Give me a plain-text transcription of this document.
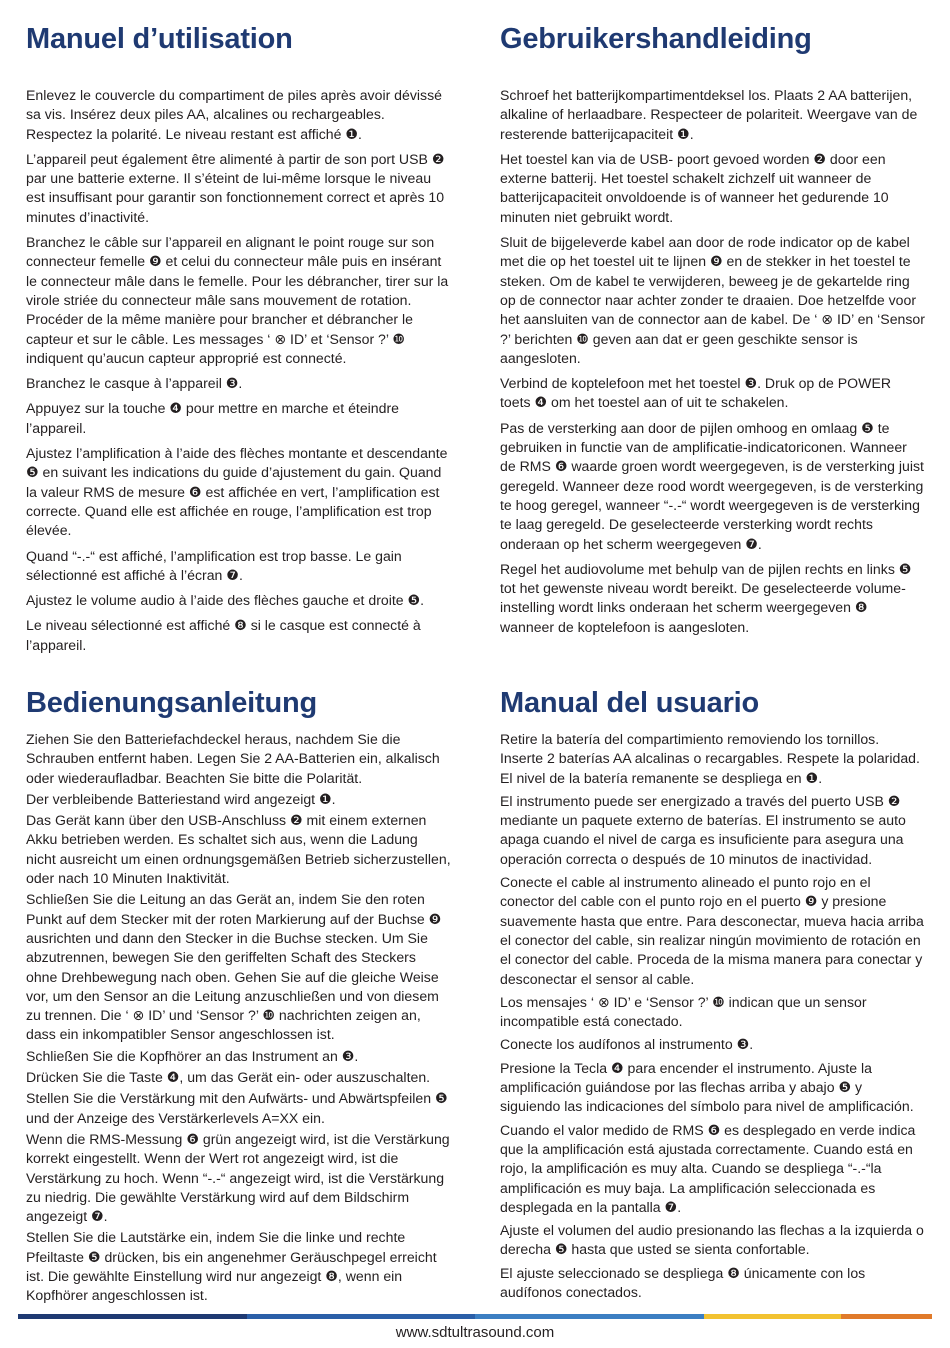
Manuel d’utilisation

Enlevez le couvercle du compartiment de piles après avoir dévissé sa vis. Insérez deux piles AA, alcalines ou rechargeables. Respectez la polarité. Le niveau restant est affiché ❶.

L’appareil peut également être alimenté à partir de son port USB ❷ par une batterie externe. Il s’éteint de lui-même lorsque le niveau est insuffisant pour garantir son fonctionnement correct et après 10 minutes d’inactivité.

Branchez le câble sur l’appareil en alignant le point rouge sur son connecteur femelle ❾ et celui du connecteur mâle puis en insérant le connecteur mâle dans le femelle. Pour les débrancher, tirer sur la virole striée du connecteur mâle sans mouvement de rotation. Procéder de la même manière pour brancher et débrancher le capteur et sur le câble. Les messages ‘ ⊗ ID’ et ‘Sensor ?’ ❿ indiquent qu’aucun capteur approprié est connecté.

Branchez le casque à l’appareil ❸.

Appuyez sur la touche ❹ pour mettre en marche et éteindre l’appareil.

Ajustez l’amplification à l’aide des flèches montante et descendante ❺ en suivant les indications du guide d’ajustement du gain. Quand la valeur RMS de mesure ❻ est affichée en vert, l’amplification est correcte. Quand elle est affichée en rouge, l’amplification est trop élevée.

Quand “-.-“ est affiché, l’amplification est trop basse. Le gain sélectionné est affiché à l’écran ❼.

Ajustez le volume audio à l’aide des flèches gauche et droite ❺.

Le niveau sélectionné est affiché ❽ si le casque est connecté à l’appareil.

Gebruikershandleiding

Schroef het batterijkompartimentdeksel los. Plaats 2 AA batterijen, alkaline of herlaadbare. Respecteer de polariteit. Weergave van de resterende batterijcapaciteit ❶.

Het toestel kan via de USB- poort gevoed worden ❷ door een externe batterij. Het toestel schakelt zichzelf uit wanneer de batterijcapaciteit onvoldoende is of wanneer het gedurende 10 minuten niet gebruikt wordt.

Sluit de bijgeleverde kabel aan door de rode indicator op de kabel met die op het toestel uit te lijnen ❾ en de stekker in het toestel te steken. Om de kabel te verwijderen, beweeg je de gekartelde ring op de connector naar achter zonder te draaien. Doe hetzelfde voor het aansluiten van de connector aan de kabel. De ‘ ⊗ ID’ en ‘Sensor ?’ berichten ❿ geven aan dat er geen geschikte sensor is aangesloten.

Verbind de koptelefoon met het toestel ❸. Druk op de POWER toets ❹ om het toestel aan of uit te schakelen.

Pas de versterking aan door de pijlen omhoog en omlaag ❺ te gebruiken in functie van de amplificatie-indicatoriconen. Wanneer de RMS ❻ waarde groen wordt weergegeven, is de versterking juist geregeld. Wanneer deze rood wordt weergegeven, is de versterking te hoog geregel, wanneer “-.-“ wordt weergegeven is de versterking te laag geregeld. De geselecteerde versterking wordt rechts onderaan op het scherm weergegeven ❼.

Regel het audiovolume met behulp van de pijlen rechts en links ❺ tot het gewenste niveau wordt bereikt. De geselecteerde volume-instelling wordt links onderaan het scherm weergegeven ❽ wanneer de koptelefoon is aangesloten.

Bedienungsanleitung

Ziehen Sie den Batteriefachdeckel heraus, nachdem Sie die Schrauben entfernt haben. Legen Sie 2 AA-Batterien ein, alkalisch oder wiederaufladbar. Beachten Sie bitte die Polarität.

Der verbleibende Batteriestand wird angezeigt ❶.

Das Gerät kann über den USB-Anschluss ❷ mit einem externen Akku betrieben werden. Es schaltet sich aus, wenn die Ladung nicht ausreicht um einen ordnungsgemäßen Betrieb sicherzustellen, oder nach 10 Minuten Inaktivität.

Schließen Sie die Leitung an das Gerät an, indem Sie den roten Punkt auf dem Stecker mit der roten Markierung auf der Buchse ❾ ausrichten und dann den Stecker in die Buchse stecken. Um Sie abzutrennen, bewegen Sie den geriffelten Schaft des Steckers ohne Drehbewegung nach oben. Gehen Sie auf die gleiche Weise vor, um den Sensor an die Leitung anzuschließen und von diesem zu trennen. Die ‘ ⊗ ID’ und ‘Sensor ?’ ❿ nachrichten zeigen an, dass ein inkompatibler Sensor angeschlossen ist.

Schließen Sie die Kopfhörer an das Instrument an ❸.

Drücken Sie die Taste ❹, um das Gerät ein- oder auszuschalten.

Stellen Sie die Verstärkung mit den Aufwärts- und Abwärtspfeilen ❺ und der Anzeige des Verstärkerlevels A=XX ein.

Wenn die RMS-Messung ❻ grün angezeigt wird, ist die Verstärkung korrekt eingestellt. Wenn der Wert rot angezeigt wird, ist die Verstärkung zu hoch. Wenn “-.-“ angezeigt wird, ist die Verstärkung zu niedrig. Die gewählte Verstärkung wird auf dem Bildschirm angezeigt ❼.

Stellen Sie die Lautstärke ein, indem Sie die linke und rechte Pfeiltaste ❺ drücken, bis ein angenehmer Geräuschpegel erreicht ist. Die gewählte Einstellung wird nur angezeigt ❽, wenn ein Kopfhörer angeschlossen ist.

Manual del usuario

Retire la batería del compartimiento removiendo los tornillos. Inserte 2 baterías AA alcalinas o recargables. Respete la polaridad. El nivel de la batería remanente se despliega en ❶.

El instrumento puede ser energizado a través del puerto USB ❷ mediante un paquete externo de baterías. El instrumento se auto apaga cuando el nivel de carga es insuficiente para asegura una operación correcta o después de 10 minutos de inactividad.

Conecte el cable al instrumento alineado el punto rojo en el conector del cable con el punto rojo en el puerto ❾ y presione suavemente hasta que entre. Para desconectar, mueva hacia arriba el conector del cable, sin realizar ningún movimiento de rotación en el conector del cable. Proceda de la misma manera para conectar y desconectar el sensor al cable.

Los mensajes ‘ ⊗ ID’ e ‘Sensor ?’ ❿ indican que un sensor incompatible está conectado.

Conecte los audífonos al instrumento ❸.

Presione la Tecla ❹ para encender el instrumento. Ajuste la amplificación guiándose por las flechas arriba y abajo ❺ y siguiendo las indicaciones del símbolo para nivel de amplificación.

Cuando el valor medido de RMS ❻ es desplegado en verde indica que la amplificación está ajustada correctamente. Cuando está en rojo, la amplificación es muy alta. Cuando se despliega “-.-“la amplificación es muy baja. La amplificación seleccionada es desplegada en la pantalla ❼.

Ajuste el volumen del audio presionando las flechas a la izquierda o derecha ❺ hasta que usted se sienta confortable.

El ajuste seleccionado se despliega ❽ únicamente con los audífonos conectados.

www.sdtultrasound.com
